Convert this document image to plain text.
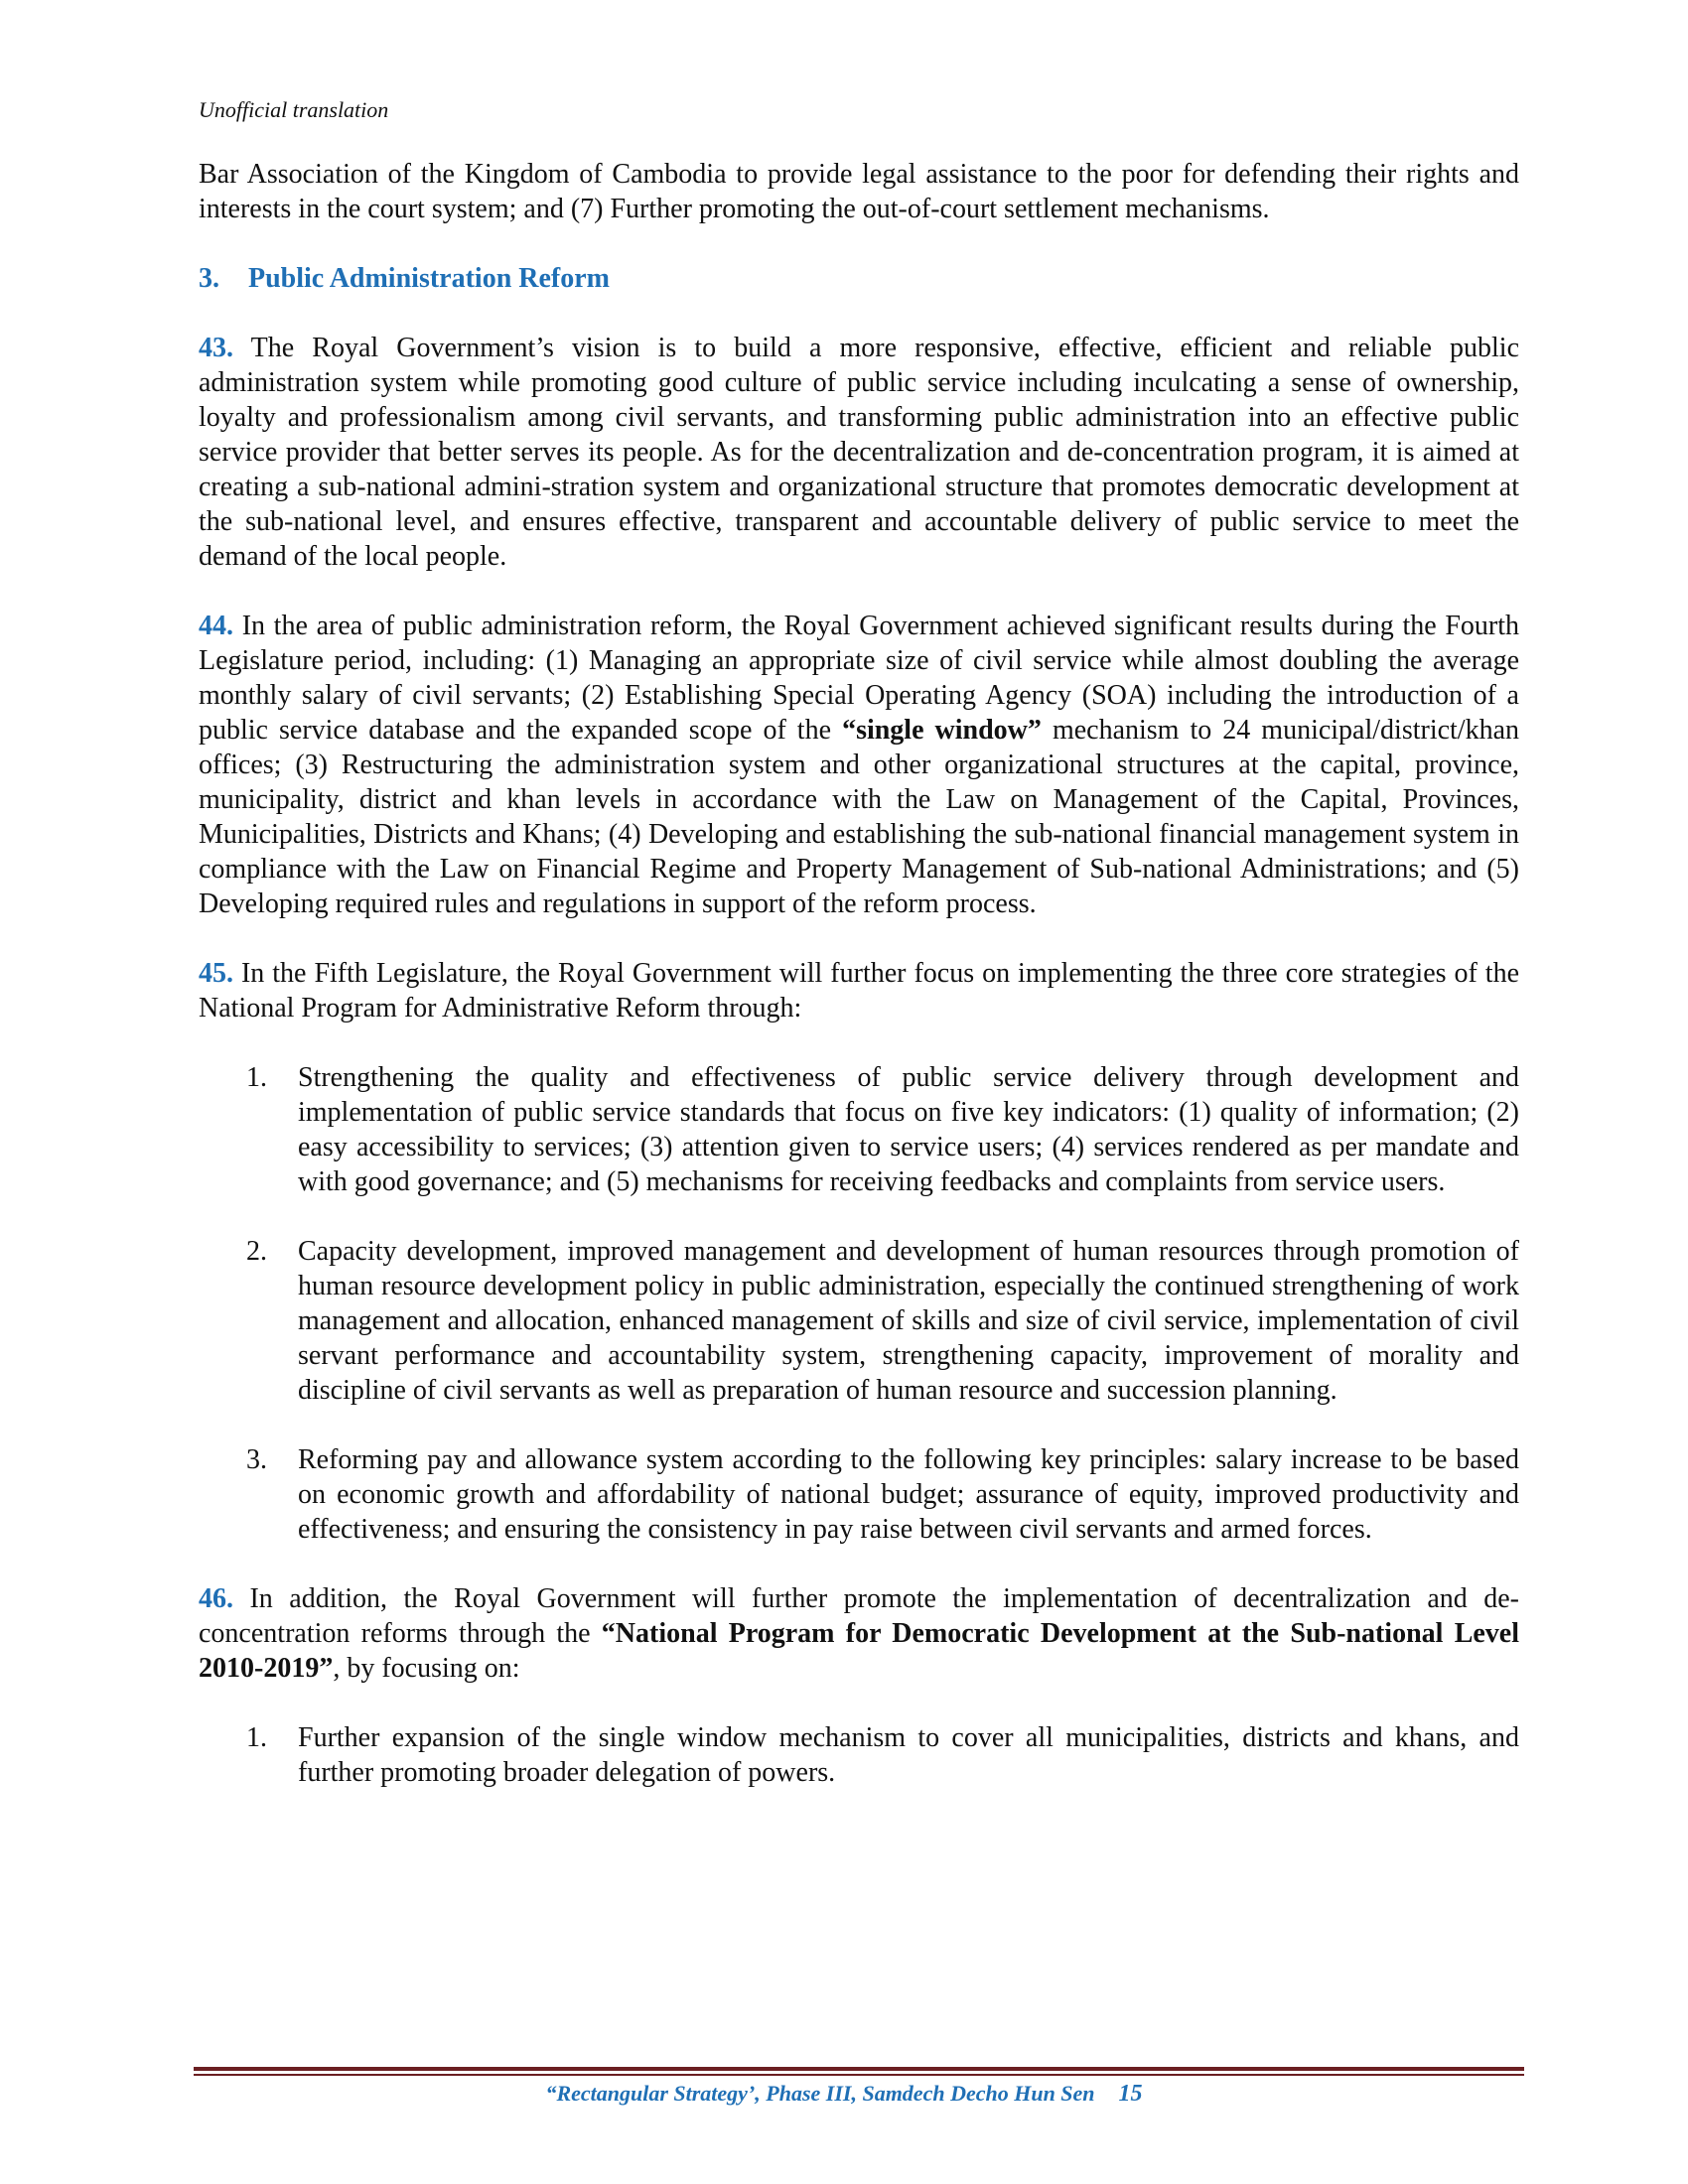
Unofficial translation

Bar Association of the Kingdom of Cambodia to provide legal assistance to the poor for defending their rights and interests in the court system; and (7) Further promoting the out-of-court settlement mechanisms.

3. Public Administration Reform

43. The Royal Government’s vision is to build a more responsive, effective, efficient and reliable public administration system while promoting good culture of public service including inculcating a sense of ownership, loyalty and professionalism among civil servants, and transforming public administration into an effective public service provider that better serves its people. As for the decentralization and de-concentration program, it is aimed at creating a sub-national admini-stration system and organizational structure that promotes democratic development at the sub-national level, and ensures effective, transparent and accountable delivery of public service to meet the demand of the local people.

44. In the area of public administration reform, the Royal Government achieved significant results during the Fourth Legislature period, including: (1) Managing an appropriate size of civil service while almost doubling the average monthly salary of civil servants; (2) Establishing Special Operating Agency (SOA) including the introduction of a public service database and the expanded scope of the “single window” mechanism to 24 municipal/district/khan offices; (3) Restructuring the administration system and other organizational structures at the capital, province, municipality, district and khan levels in accordance with the Law on Management of the Capital, Provinces, Municipalities, Districts and Khans; (4) Developing and establishing the sub-national financial management system in compliance with the Law on Financial Regime and Property Management of Sub-national Administrations; and (5) Developing required rules and regulations in support of the reform process.

45. In the Fifth Legislature, the Royal Government will further focus on implementing the three core strategies of the National Program for Administrative Reform through:

1. Strengthening the quality and effectiveness of public service delivery through development and implementation of public service standards that focus on five key indicators: (1) quality of information; (2) easy accessibility to services; (3) attention given to service users; (4) services rendered as per mandate and with good governance; and (5) mechanisms for receiving feedbacks and complaints from service users.
2. Capacity development, improved management and development of human resources through promotion of human resource development policy in public administration, especially the continued strengthening of work management and allocation, enhanced management of skills and size of civil service, implementation of civil servant performance and accountability system, strengthening capacity, improvement of morality and discipline of civil servants as well as preparation of human resource and succession planning.
3. Reforming pay and allowance system according to the following key principles: salary increase to be based on economic growth and affordability of national budget; assurance of equity, improved productivity and effectiveness; and ensuring the consistency in pay raise between civil servants and armed forces.

46. In addition, the Royal Government will further promote the implementation of decentralization and de-concentration reforms through the “National Program for Democratic Development at the Sub-national Level 2010-2019”, by focusing on:

1. Further expansion of the single window mechanism to cover all municipalities, districts and khans, and further promoting broader delegation of powers.
“Rectangular Strategy’, Phase III, Samdech Decho Hun Sen 15
